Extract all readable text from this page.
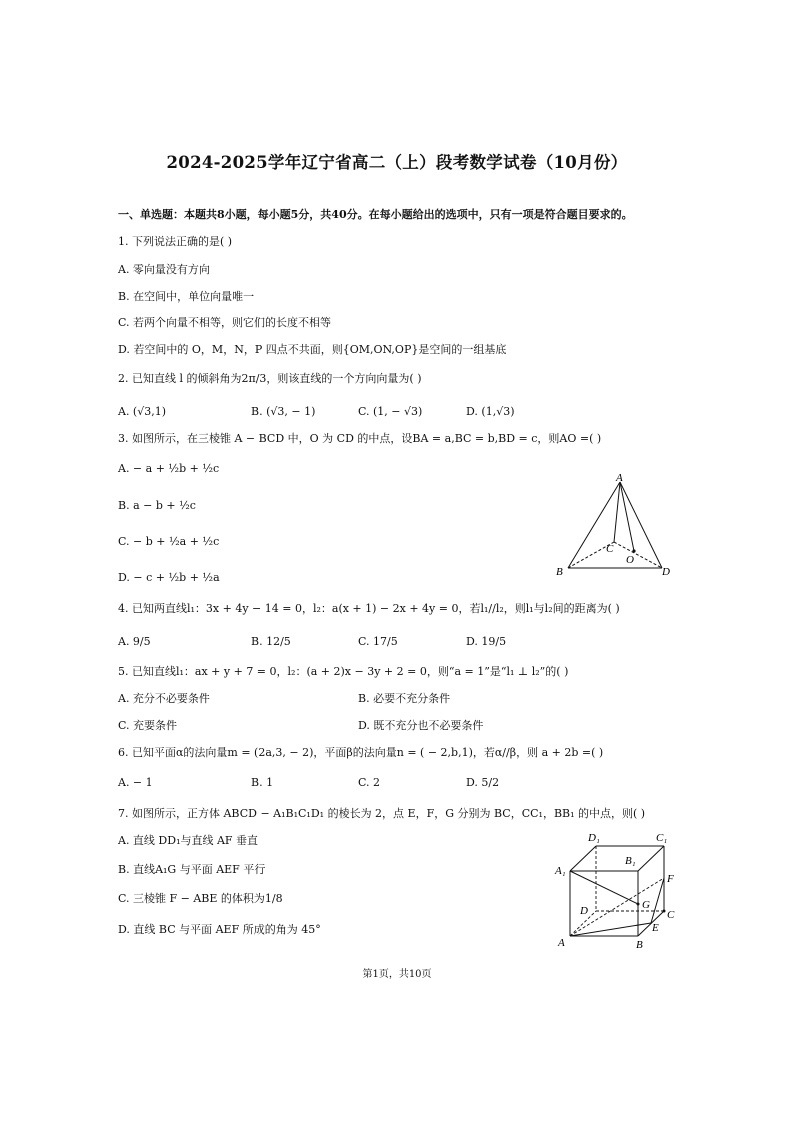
2024-2025学年辽宁省高二（上）段考数学试卷（10月份）
一、单选题：本题共8小题，每小题5分，共40分。在每小题给出的选项中，只有一项是符合题目要求的。
1. 下列说法正确的是( )
A. 零向量没有方向
B. 在空间中，单位向量唯一
C. 若两个向量不相等，则它们的长度不相等
D. 若空间中的 O，M，N，P 四点不共面，则{OM,ON,OP}是空间的一组基底
2. 已知直线 l 的倾斜角为2π/3，则该直线的一个方向向量为( )
A. (√3,1)	B. (√3, − 1)	C. (1, − √3)	D. (1,√3)
3. 如图所示，在三棱锥 A − BCD 中，O 为 CD 的中点，设BA = a,BC = b,BD = c，则AO =( )
A. − a + ½b + ½c
B. a − b + ½c
C. − b + ½a + ½c
D. − c + ½b + ½a
A
B
C
D
O
4. 已知两直线l₁：3x + 4y − 14 = 0，l₂：a(x + 1) − 2x + 4y = 0，若l₁//l₂，则l₁与l₂间的距离为( )
A. 9/5	B. 12/5	C. 17/5	D. 19/5
5. 已知直线l₁：ax + y + 7 = 0，l₂：(a + 2)x − 3y + 2 = 0，则“a = 1”是“l₁ ⊥ l₂”的( )
A. 充分不必要条件	B. 必要不充分条件
C. 充要条件	D. 既不充分也不必要条件
6. 已知平面α的法向量m = (2a,3, − 2)，平面β的法向量n = ( − 2,b,1)，若α//β，则 a + 2b =( )
A. − 1	B. 1	C. 2	D. 5/2
7. 如图所示，正方体 ABCD − A₁B₁C₁D₁ 的棱长为 2，点 E，F，G 分别为 BC，CC₁，BB₁ 的中点，则( )
A. 直线 DD₁与直线 AF 垂直
B. 直线A₁G 与平面 AEF 平行
C. 三棱锥 F − ABE 的体积为1/8
D. 直线 BC 与平面 AEF 所成的角为 45°
D₁	C₁
B₁
A₁
F
D	G
C
E
A	B
第1页，共10页
